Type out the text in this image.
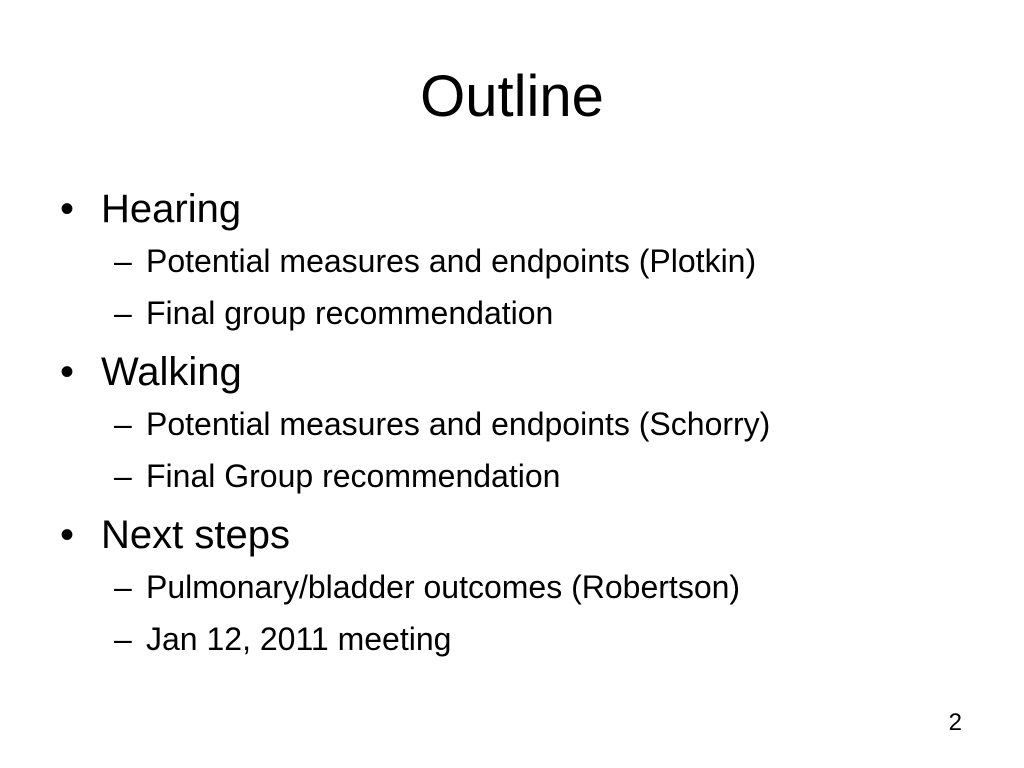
Outline
• Hearing
– Potential measures and endpoints (Plotkin)
– Final group recommendation
• Walking
– Potential measures and endpoints (Schorry)
– Final Group recommendation
• Next steps
– Pulmonary/bladder outcomes (Robertson)
– Jan 12, 2011 meeting
2
